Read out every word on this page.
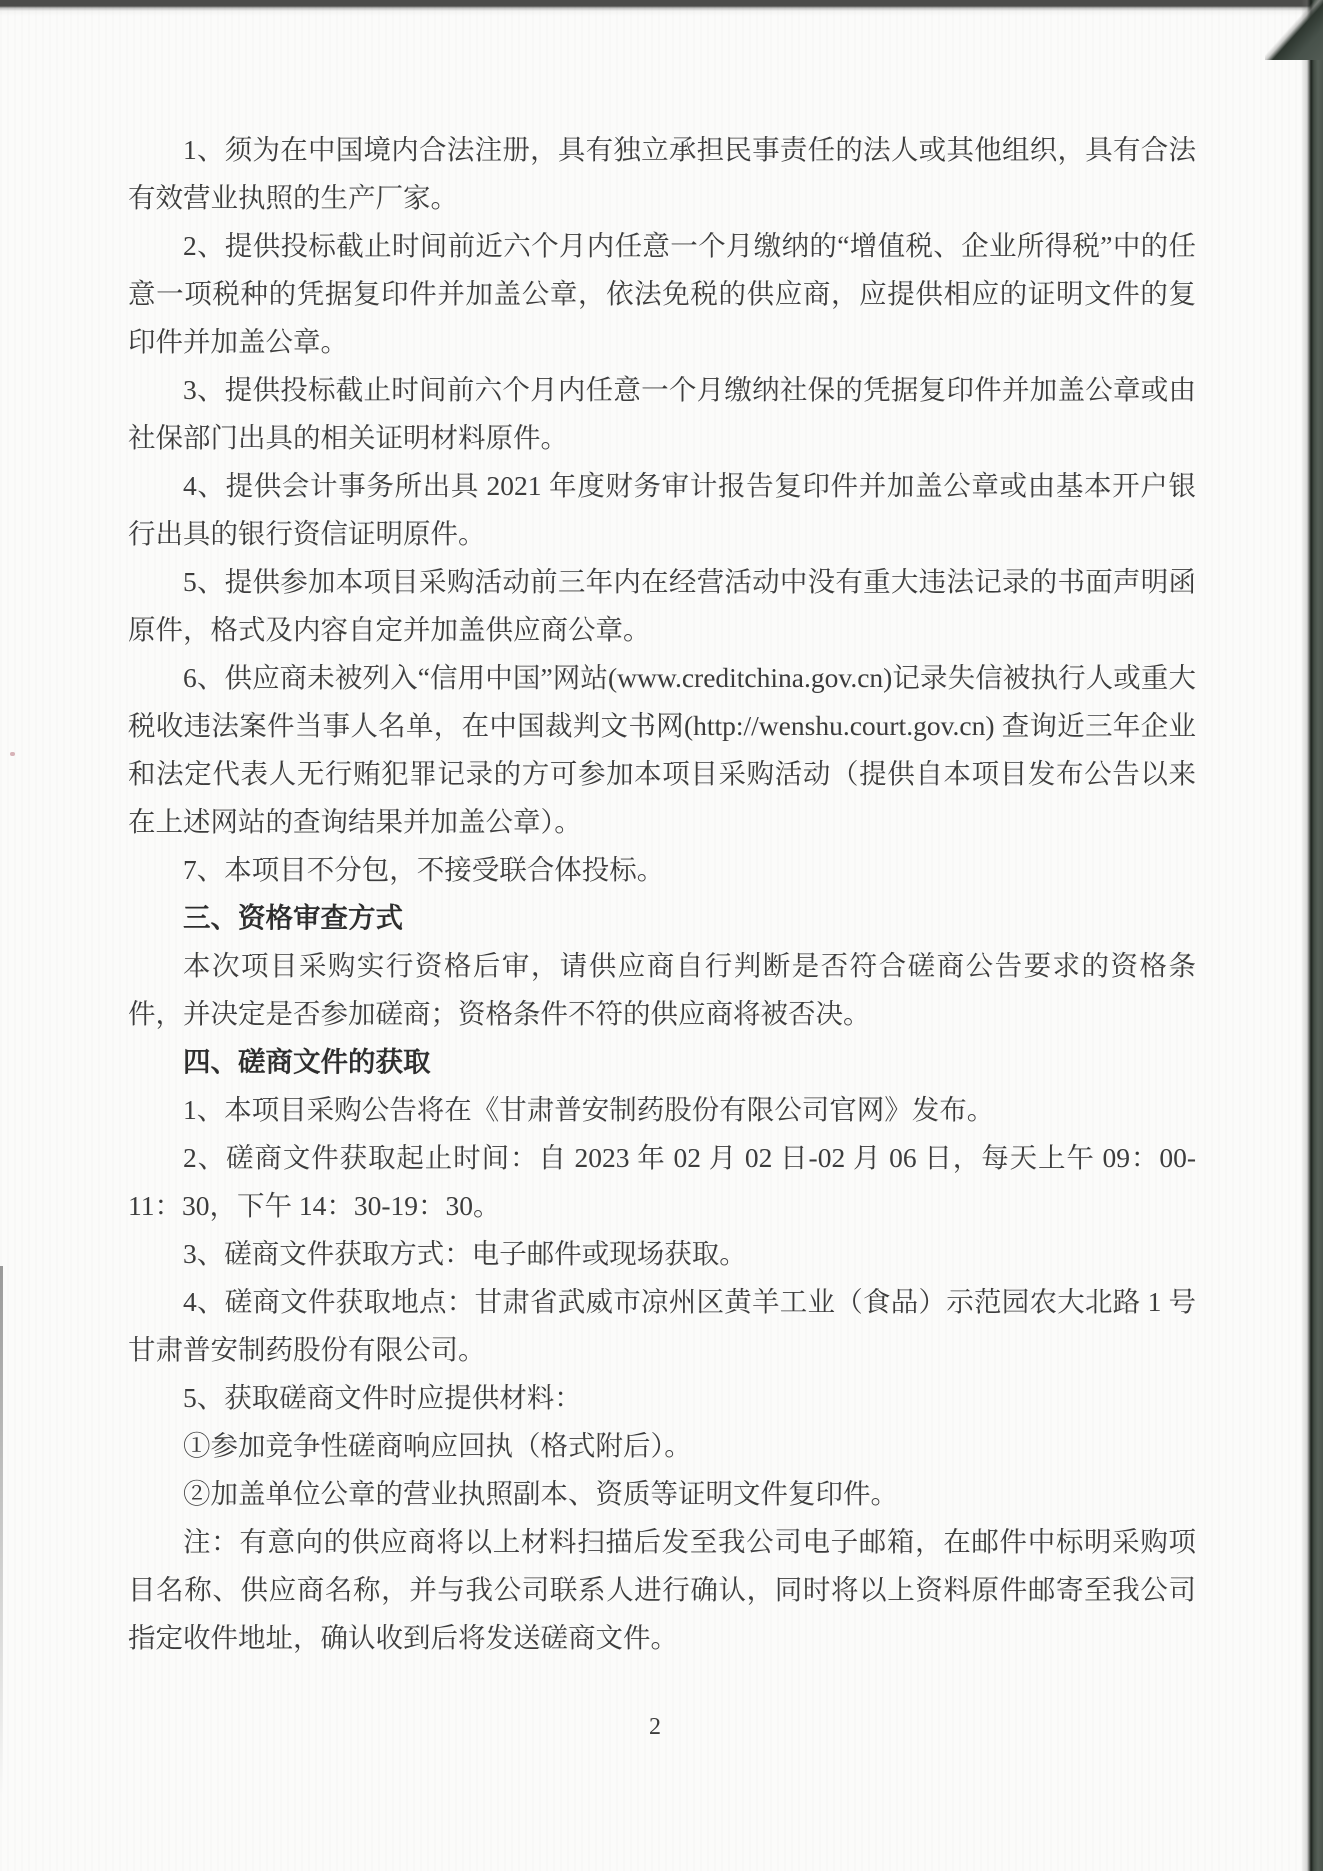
1、须为在中国境内合法注册，具有独立承担民事责任的法人或其他组织，具有合法有效营业执照的生产厂家。

2、提供投标截止时间前近六个月内任意一个月缴纳的“增值税、企业所得税”中的任意一项税种的凭据复印件并加盖公章，依法免税的供应商，应提供相应的证明文件的复印件并加盖公章。

3、提供投标截止时间前六个月内任意一个月缴纳社保的凭据复印件并加盖公章或由社保部门出具的相关证明材料原件。

4、提供会计事务所出具 2021 年度财务审计报告复印件并加盖公章或由基本开户银行出具的银行资信证明原件。

5、提供参加本项目采购活动前三年内在经营活动中没有重大违法记录的书面声明函原件，格式及内容自定并加盖供应商公章。

6、供应商未被列入“信用中国”网站(www.creditchina.gov.cn)记录失信被执行人或重大税收违法案件当事人名单，在中国裁判文书网(http://wenshu.court.gov.cn) 查询近三年企业和法定代表人无行贿犯罪记录的方可参加本项目采购活动（提供自本项目发布公告以来在上述网站的查询结果并加盖公章）。

7、本项目不分包，不接受联合体投标。

三、资格审查方式

本次项目采购实行资格后审，请供应商自行判断是否符合磋商公告要求的资格条件，并决定是否参加磋商；资格条件不符的供应商将被否决。

四、磋商文件的获取

1、本项目采购公告将在《甘肃普安制药股份有限公司官网》发布。

2、磋商文件获取起止时间：自 2023 年 02 月 02 日-02 月 06 日，每天上午 09：00-11：30，下午 14：30-19：30。

3、磋商文件获取方式：电子邮件或现场获取。

4、磋商文件获取地点：甘肃省武威市凉州区黄羊工业（食品）示范园农大北路 1 号甘肃普安制药股份有限公司。

5、获取磋商文件时应提供材料：

①参加竞争性磋商响应回执（格式附后）。

②加盖单位公章的营业执照副本、资质等证明文件复印件。

注：有意向的供应商将以上材料扫描后发至我公司电子邮箱，在邮件中标明采购项目名称、供应商名称，并与我公司联系人进行确认，同时将以上资料原件邮寄至我公司指定收件地址，确认收到后将发送磋商文件。

2
